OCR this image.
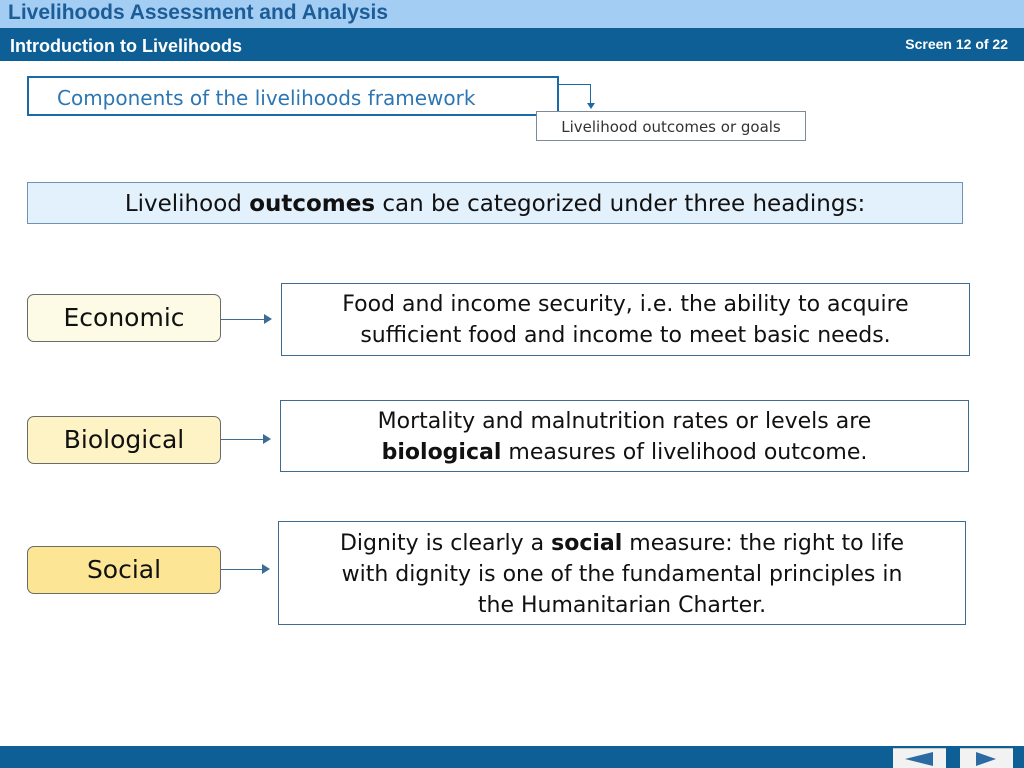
Livelihoods Assessment and Analysis
Introduction to Livelihoods	Screen 12 of 22
Components of the livelihoods framework
Livelihood outcomes or goals
Livelihood outcomes can be categorized under three headings:
Economic	Food and income security, i.e. the ability to acquire
sufficient food and income to meet basic needs.
Biological
Mortality and malnutrition rates or levels are
biological measures of livelihood outcome.
Social
Dignity is clearly a social measure: the right to life
with dignity is one of the fundamental principles in
the Humanitarian Charter.
